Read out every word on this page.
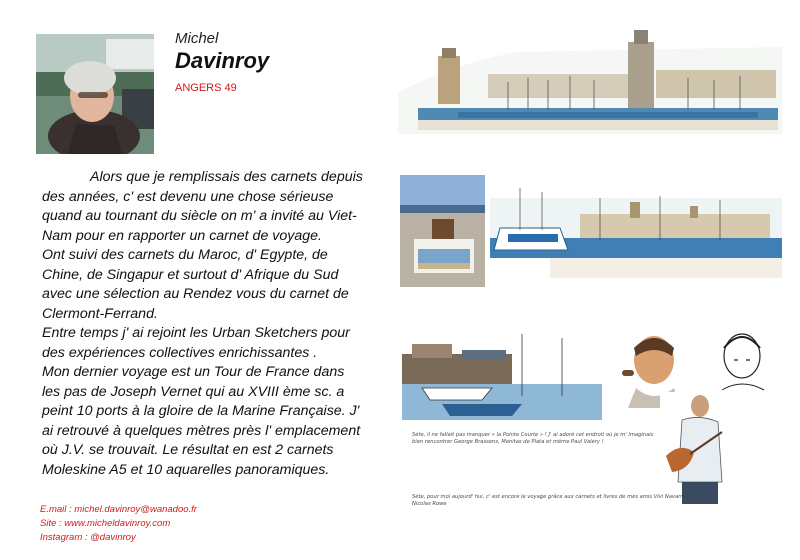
Michel
Davinroy
ANGERS 49

Alors que je remplissais des carnets depuis des années, c' est devenu une chose sérieuse quand au tournant du siècle on m' a invité au Viet-Nam pour en rapporter un carnet de voyage.

Ont suivi des carnets du Maroc, d' Egypte, de Chine, de Singapur et surtout d' Afrique du Sud avec une sélection au Rendez vous du carnet de Clermont-Ferrand.

Entre temps j' ai rejoint les Urban Sketchers pour des expériences collectives enrichissantes .

Mon dernier voyage est un Tour de France dans les pas de Joseph Vernet qui au XVIII ème sc. a peint 10 ports à la gloire de la Marine Française. J' ai retrouvé à quelques mètres près l' emplacement où J.V. se trouvait. Le résultat en est 2 carnets Moleskine A5 et 10 aquarelles panoramiques.

E.mail : michel.davinroy@wanadoo.fr
Site : www.micheldavinroy.com
Instagram : @davinroy
Sète, il ne fallait pas manquer « la Pointe Courte » ! J' ai adoré cet endroit où je m' imaginais bien rencontrer George Brassens, Manitas de Plata et même Paul Valéry !
Sète, pour moi aujourd' hui, c' est encore le voyage grâce aux carnets et livres de mes amis Vivi Navarro et Nicolas Rowe
